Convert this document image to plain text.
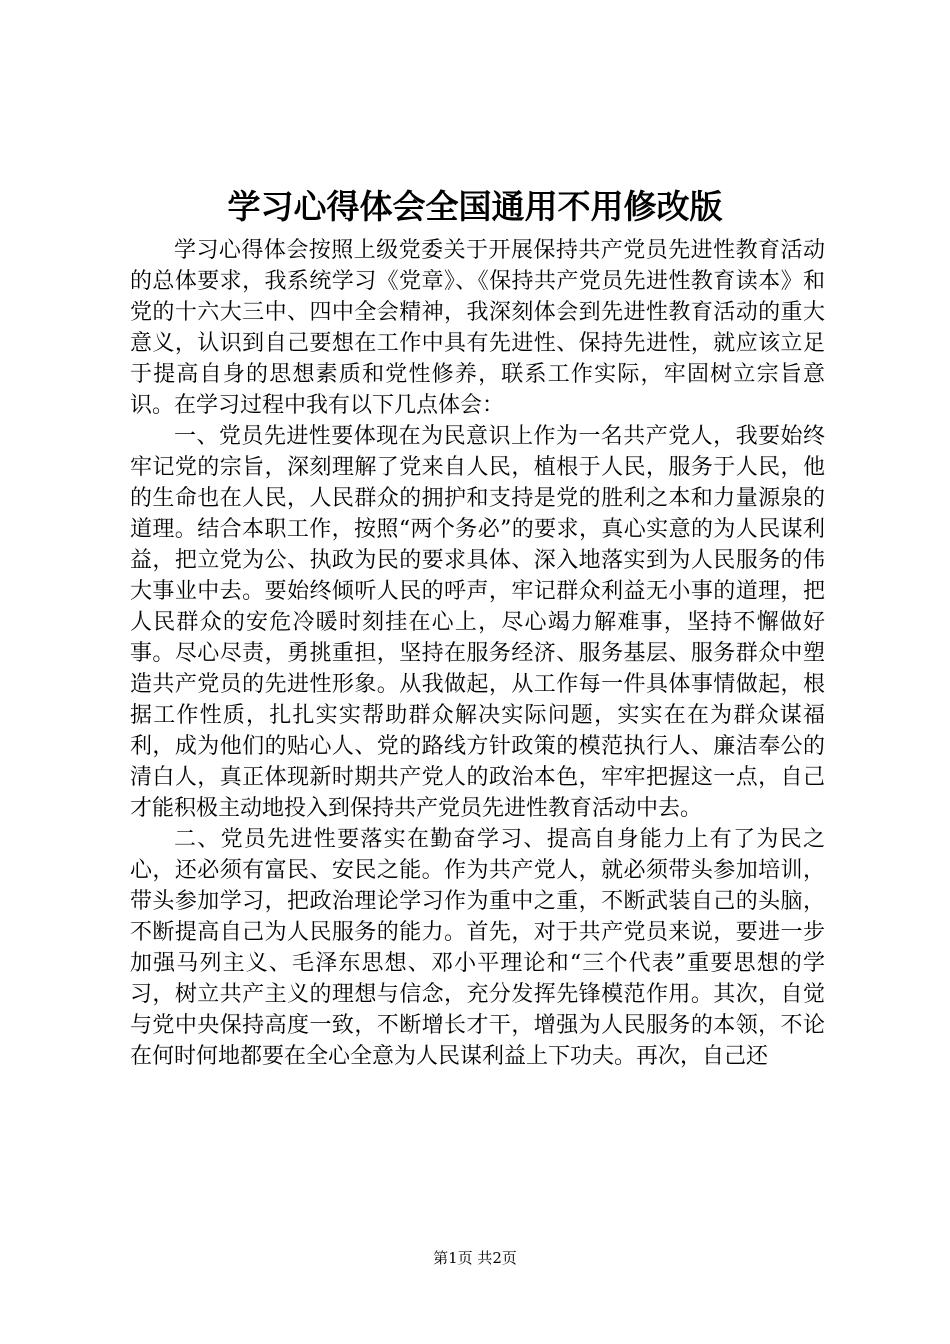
学习心得体会全国通用不用修改版

学习心得体会按照上级党委关于开展保持共产党员先进性教育活动的总体要求，我系统学习《党章》、《保持共产党员先进性教育读本》和党的十六大三中、四中全会精神，我深刻体会到先进性教育活动的重大意义，认识到自己要想在工作中具有先进性、保持先进性，就应该立足于提高自身的思想素质和党性修养，联系工作实际，牢固树立宗旨意识。在学习过程中我有以下几点体会：

一、党员先进性要体现在为民意识上作为一名共产党人，我要始终牢记党的宗旨，深刻理解了党来自人民，植根于人民，服务于人民，他的生命也在人民，人民群众的拥护和支持是党的胜利之本和力量源泉的道理。结合本职工作，按照“两个务必”的要求，真心实意的为人民谋利益，把立党为公、执政为民的要求具体、深入地落实到为人民服务的伟大事业中去。要始终倾听人民的呼声，牢记群众利益无小事的道理，把人民群众的安危冷暖时刻挂在心上，尽心竭力解难事，坚持不懈做好事。尽心尽责，勇挑重担，坚持在服务经济、服务基层、服务群众中塑造共产党员的先进性形象。从我做起，从工作每一件具体事情做起，根据工作性质，扎扎实实帮助群众解决实际问题，实实在在为群众谋福利，成为他们的贴心人、党的路线方针政策的模范执行人、廉洁奉公的清白人，真正体现新时期共产党人的政治本色，牢牢把握这一点，自己才能积极主动地投入到保持共产党员先进性教育活动中去。

二、党员先进性要落实在勤奋学习、提高自身能力上有了为民之心，还必须有富民、安民之能。作为共产党人，就必须带头参加培训，带头参加学习，把政治理论学习作为重中之重，不断武装自己的头脑，不断提高自己为人民服务的能力。首先，对于共产党员来说，要进一步加强马列主义、毛泽东思想、邓小平理论和“三个代表”重要思想的学习，树立共产主义的理想与信念，充分发挥先锋模范作用。其次，自觉与党中央保持高度一致，不断增长才干，增强为人民服务的本领，不论在何时何地都要在全心全意为人民谋利益上下功夫。再次，自己还

第1页 共2页
